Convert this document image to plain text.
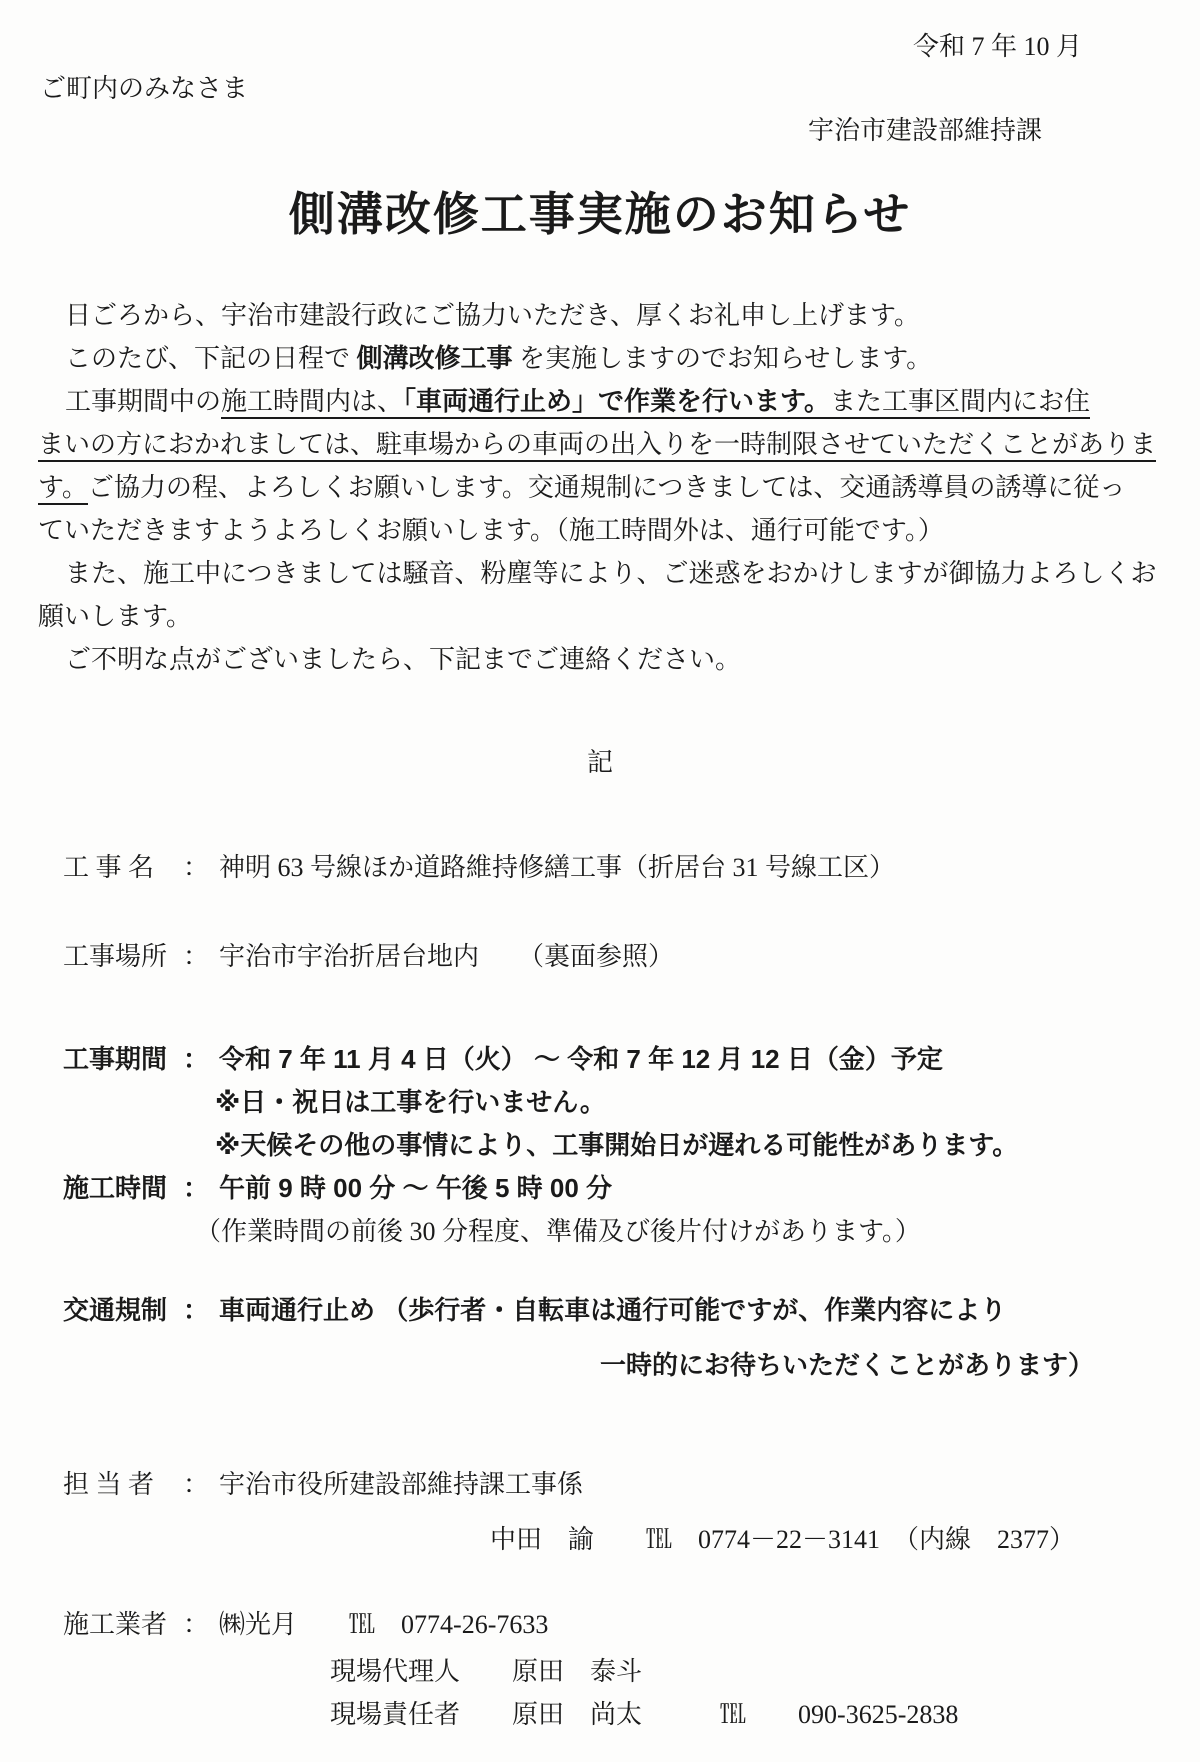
令和 7 年 10 月
ご町内のみなさま
宇治市建設部維持課
側溝改修工事実施のお知らせ
日ごろから、宇治市建設行政にご協力いただき、厚くお礼申し上げます。
このたび、下記の日程で 側溝改修工事 を実施しますのでお知らせします。
工事期間中の施工時間内は、「車両通行止め」で作業を行います。また工事区間内にお住
まいの方におかれましては、駐車場からの車両の出入りを一時制限させていただくことがありま
す。ご協力の程、よろしくお願いします。交通規制につきましては、交通誘導員の誘導に従っ
ていただきますようよろしくお願いします。（施工時間外は、通行可能です。）
また、施工中につきましては騒音、粉塵等により、ご迷惑をおかけしますが御協力よろしくお
願いします。
ご不明な点がございましたら、下記までご連絡ください。
記
工 事 名	： 神明 63 号線ほか道路維持修繕工事（折居台 31 号線工区）
工事場所 ： 宇治市宇治折居台地内　　（裏面参照）
工事期間 ： 令和 7 年 11 月 4 日（火） ～ 令和 7 年 12 月 12 日（金）予定
※日・祝日は工事を行いません。
※天候その他の事情により、工事開始日が遅れる可能性があります。
施工時間 ： 午前 9 時 00 分 ～ 午後 5 時 00 分
（作業時間の前後 30 分程度、準備及び後片付けがあります。）
交通規制 ： 車両通行止め （歩行者・自転車は通行可能ですが、作業内容により
一時的にお待ちいただくことがあります）
担 当 者	： 宇治市役所建設部維持課工事係
中田　諭　　℡　0774－22－3141　（内線　2377）
施工業者 ： ㈱光月　　℡　0774-26-7633
現場代理人　　原田　泰斗
現場責任者　　原田　尚太　　　℡　　090-3625-2838
